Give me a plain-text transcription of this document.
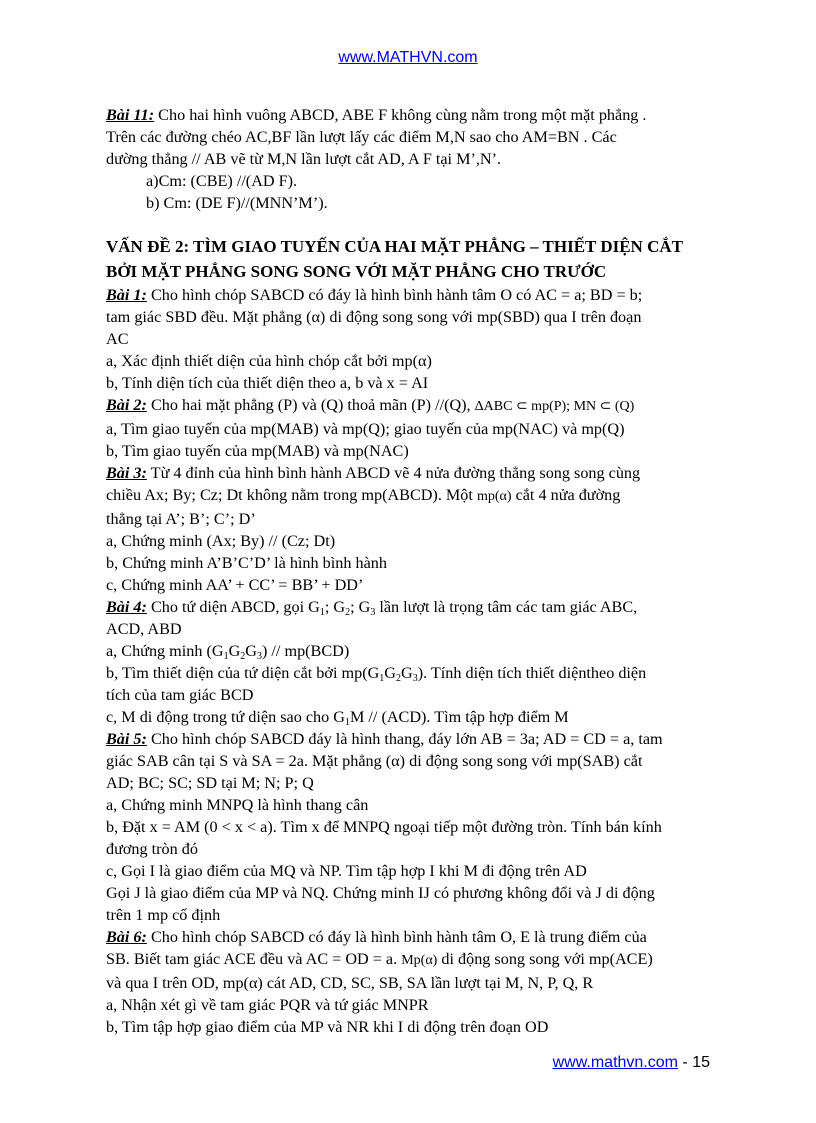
www.MATHVN.com

Bài 11: Cho hai hình vuông ABCD, ABE F không cùng nằm trong một mặt phẳng .

Trên các đường chéo AC,BF lần lượt lấy các điểm M,N sao cho AM=BN . Các

dường thẳng // AB vẽ từ M,N lần lượt cắt AD, A F tại M’,N’.

a)Cm: (CBE) //(AD F).

b) Cm: (DE F)//(MNN’M’).

VẤN ĐỀ 2: TÌM GIAO TUYẾN CỦA HAI MẶT PHẲNG – THIẾT DIỆN CẮT
BỞI MẶT PHẲNG SONG SONG VỚI MẶT PHẲNG CHO TRƯỚC

Bài 1: Cho hình chóp SABCD có đáy là hình bình hành tâm O có AC = a; BD = b;

tam giác SBD đều. Mặt phẳng (α) di động song song với mp(SBD) qua I trên đoạn

AC

a, Xác định thiết diện của hình chóp cắt bởi mp(α)

b, Tính diện tích của thiết diện theo a, b và x = AI

Bài 2: Cho hai mặt phẳng (P) và (Q) thoả mãn (P) //(Q), ΔABC ⊂ mp(P); MN ⊂ (Q)

a, Tìm giao tuyến của mp(MAB) và mp(Q); giao tuyến của mp(NAC) và mp(Q)

b, Tìm giao tuyến của mp(MAB) và mp(NAC)

Bài 3: Từ 4 đỉnh của hình bình hành ABCD vẽ 4 nửa đường thẳng song song cùng

chiều Ax; By; Cz; Dt không nằm trong mp(ABCD). Một mp(α) cắt 4 nửa đường

thẳng tại A’; B’; C’; D’

a, Chứng minh (Ax; By) // (Cz; Dt)

b, Chứng minh A’B’C’D’ là hình bình hành

c, Chứng minh AA’ + CC’ = BB’ + DD’

Bài 4: Cho tứ diện ABCD, gọi $G_1$; $G_2$; $G_3$ lần lượt là trọng tâm các tam giác ABC,

ACD, ABD

a, Chứng minh $(G_1G_2G_3) // mp(BCD)$

b, Tìm thiết diện của tứ diện cắt bởi $mp(G_1G_2G_3)$. Tính diện tích thiết diệntheo diện

tích của tam giác BCD

c, M di động trong tứ diện sao cho $G_1M // (ACD)$. Tìm tập hợp điểm M

Bài 5: Cho hình chóp SABCD đáy là hình thang, đáy lớn AB = 3a; AD = CD = a, tam

giác SAB cân tại S và SA = 2a. Mặt phẳng (α) di động song song với mp(SAB) cắt

AD; BC; SC; SD tại M; N; P; Q

a, Chứng minh MNPQ là hình thang cân

b, Đặt x = AM (0 < x < a). Tìm x để MNPQ ngoại tiếp một đường tròn. Tính bán kính

đương tròn đó

c, Gọi I là giao điểm của MQ và NP. Tìm tập hợp I khi M đi động trên AD

Gọi J là giao điểm của MP và NQ. Chứng minh IJ có phương không đổi và J di động

trên 1 mp cố định

Bài 6: Cho hình chóp SABCD có đáy là hình bình hành tâm O, E là trung điểm của

SB. Biết tam giác ACE đều và AC = OD = a. Mp(α) di động song song với mp(ACE)

và qua I trên OD, mp(α) cát AD, CD, SC, SB, SA lần lượt tại M, N, P, Q, R

a, Nhận xét gì về tam giác PQR và tứ giác MNPR

b, Tìm tập hợp giao điểm của MP và NR khi I di động trên đoạn OD

www.mathvn.com - 15
